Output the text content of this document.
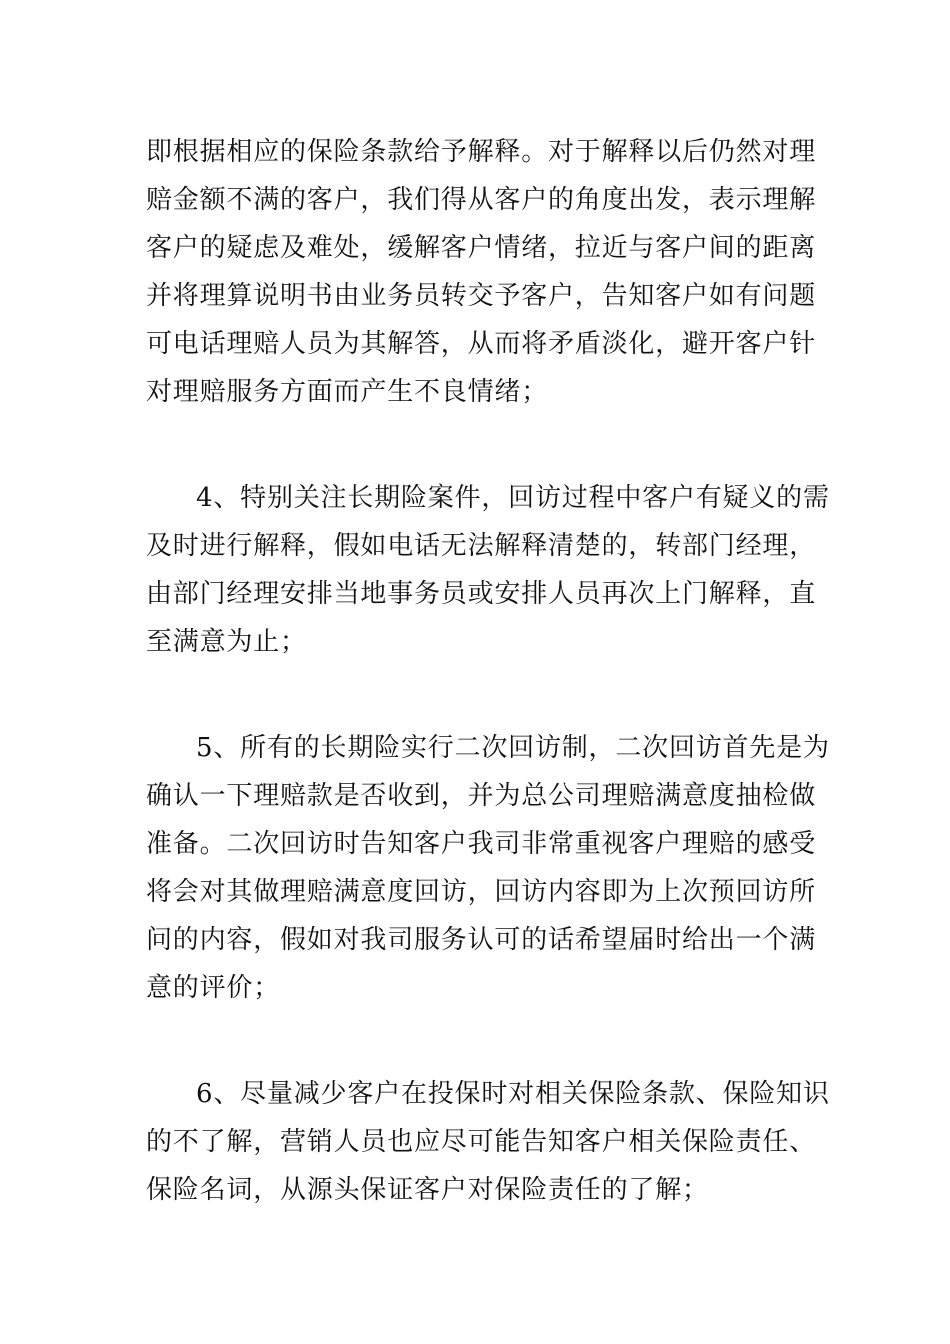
即根据相应的保险条款给予解释。对于解释以后仍然对理
赔金额不满的客户，我们得从客户的角度出发，表示理解
客户的疑虑及难处，缓解客户情绪，拉近与客户间的距离
并将理算说明书由业务员转交予客户，告知客户如有问题
可电话理赔人员为其解答，从而将矛盾淡化，避开客户针
对理赔服务方面而产生不良情绪；
4、特别关注长期险案件，回访过程中客户有疑义的需
及时进行解释，假如电话无法解释清楚的，转部门经理，
由部门经理安排当地事务员或安排人员再次上门解释，直
至满意为止；
5、所有的长期险实行二次回访制，二次回访首先是为
确认一下理赔款是否收到，并为总公司理赔满意度抽检做
准备。二次回访时告知客户我司非常重视客户理赔的感受
将会对其做理赔满意度回访，回访内容即为上次预回访所
问的内容，假如对我司服务认可的话希望届时给出一个满
意的评价；
6、尽量减少客户在投保时对相关保险条款、保险知识
的不了解，营销人员也应尽可能告知客户相关保险责任、
保险名词，从源头保证客户对保险责任的了解；
